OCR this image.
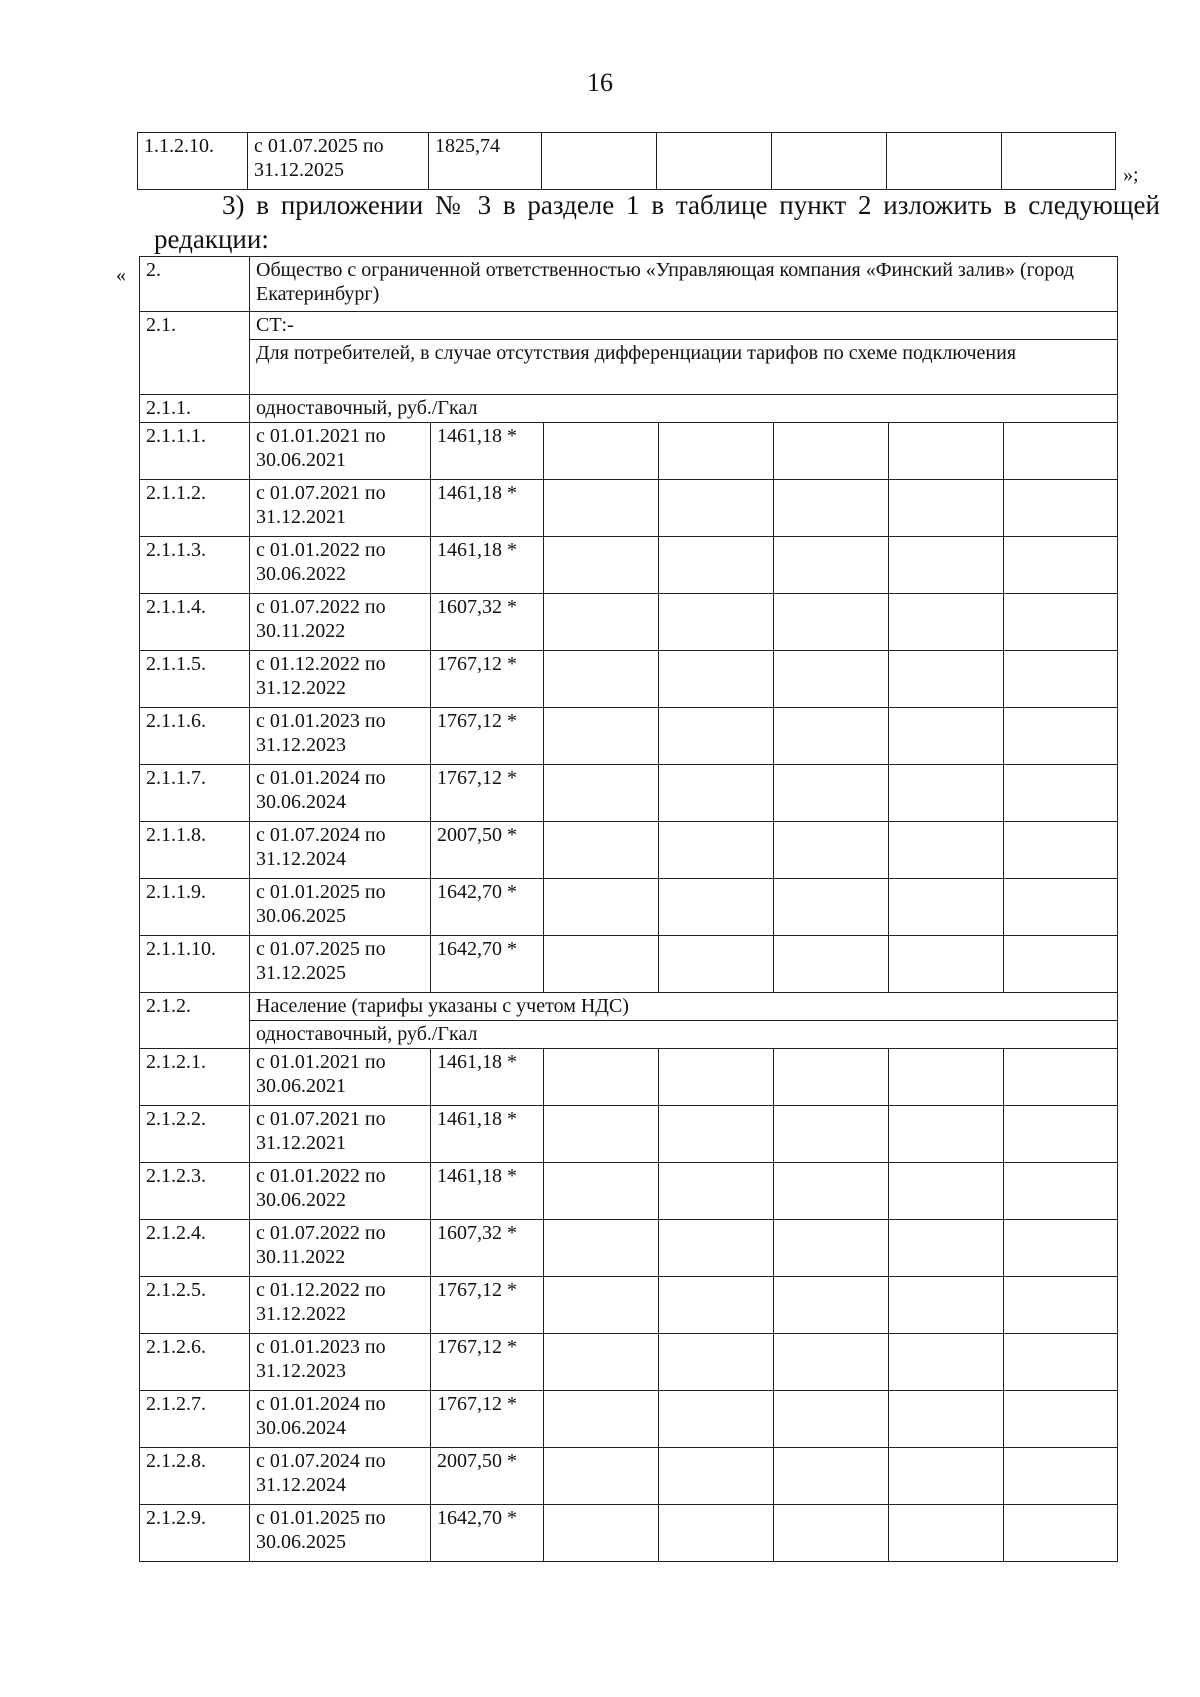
16
1.1.2.10.	с 01.07.2025 по 31.12.2025	1825,74					
»;
3) в приложении № 3 в разделе 1 в таблице пункт 2 изложить в следующей
редакции:
« 2.	Общество с ограниченной ответственностью «Управляющая компания «Финский залив» (город Екатеринбург)						
2.1.	СТ:-						
	Для потребителей, в случае отсутствия дифференциации тарифов по схеме подключения						
2.1.1.	одноставочный, руб./Гкал						
2.1.1.1.	с 01.01.2021 по 30.06.2021	1461,18 *					
2.1.1.2.	с 01.07.2021 по 31.12.2021	1461,18 *					
2.1.1.3.	с 01.01.2022 по 30.06.2022	1461,18 *					
2.1.1.4.	с 01.07.2022 по 30.11.2022	1607,32 *					
2.1.1.5.	с 01.12.2022 по 31.12.2022	1767,12 *					
2.1.1.6.	с 01.01.2023 по 31.12.2023	1767,12 *					
2.1.1.7.	с 01.01.2024 по 30.06.2024	1767,12 *					
2.1.1.8.	с 01.07.2024 по 31.12.2024	2007,50 *					
2.1.1.9.	с 01.01.2025 по 30.06.2025	1642,70 *					
2.1.1.10.	с 01.07.2025 по 31.12.2025	1642,70 *					
2.1.2.	Население (тарифы указаны с учетом НДС)						
	одноставочный, руб./Гкал						
2.1.2.1.	с 01.01.2021 по 30.06.2021	1461,18 *					
2.1.2.2.	с 01.07.2021 по 31.12.2021	1461,18 *					
2.1.2.3.	с 01.01.2022 по 30.06.2022	1461,18 *					
2.1.2.4.	с 01.07.2022 по 30.11.2022	1607,32 *					
2.1.2.5.	с 01.12.2022 по 31.12.2022	1767,12 *					
2.1.2.6.	с 01.01.2023 по 31.12.2023	1767,12 *					
2.1.2.7.	с 01.01.2024 по 30.06.2024	1767,12 *					
2.1.2.8.	с 01.07.2024 по 31.12.2024	2007,50 *					
2.1.2.9.	с 01.01.2025 по 30.06.2025	1642,70 *					
